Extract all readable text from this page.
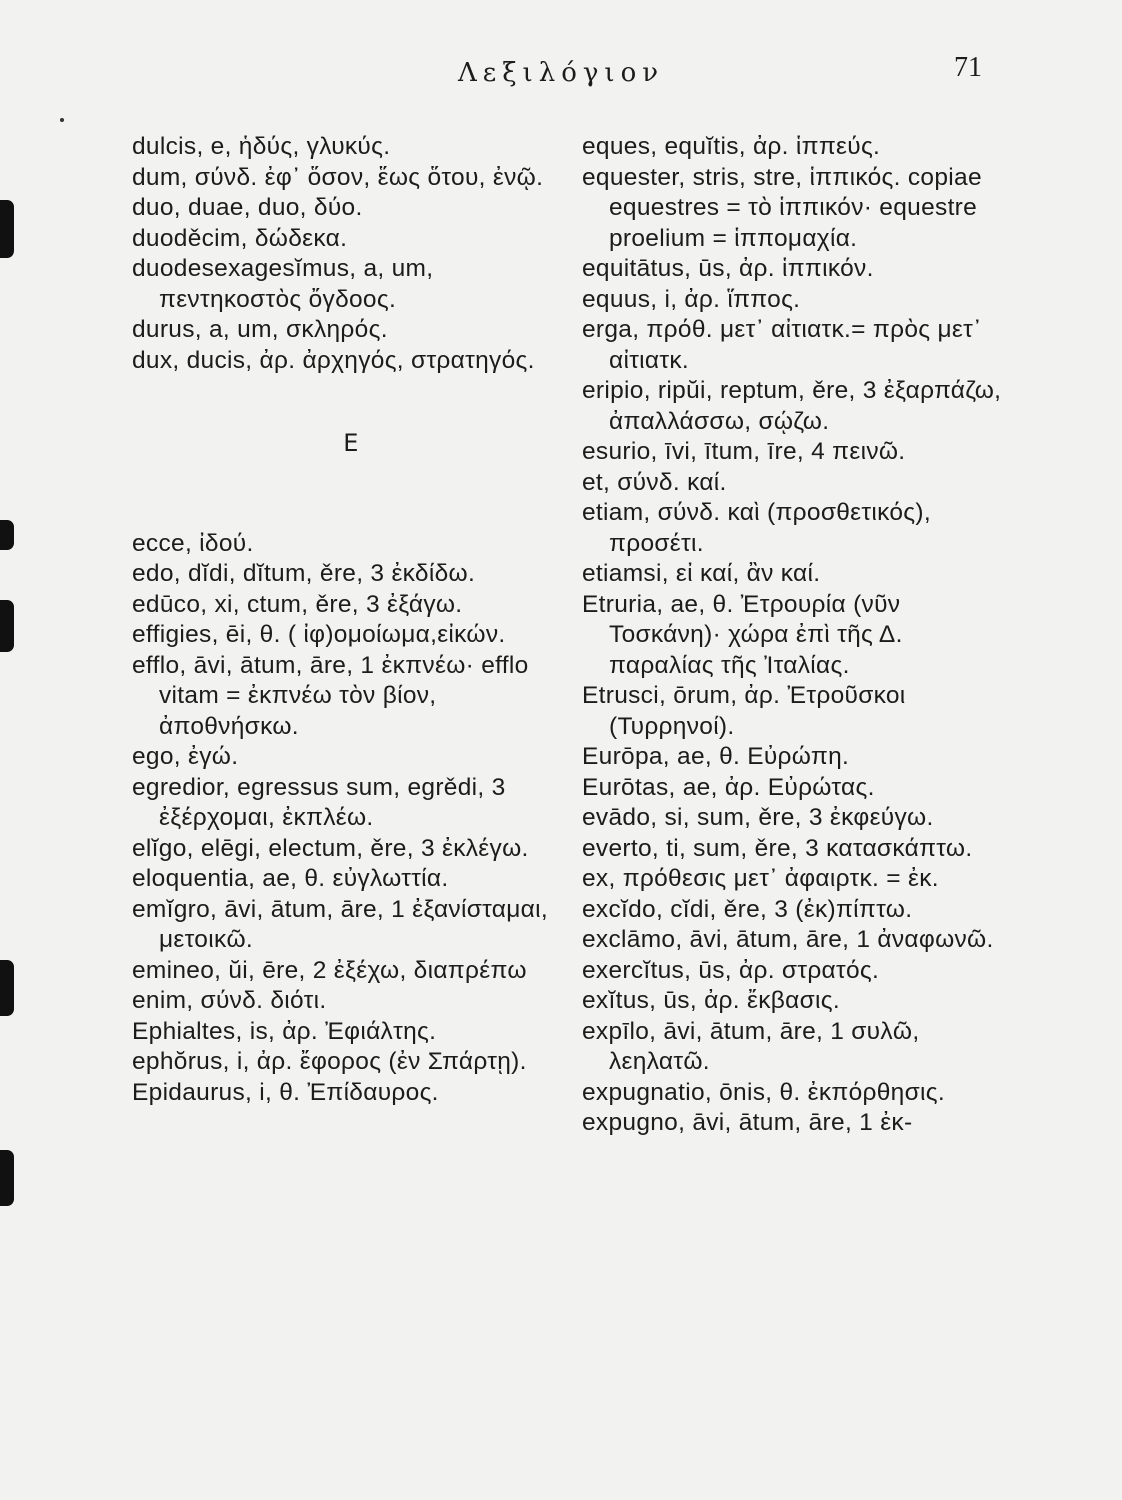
Λεξιλόγιον	71

dulcis, e, ἡδύς, γλυκύς.

dum, σύνδ. ἐφ᾽ ὅσον, ἕως ὅτου, ἐνῷ.

duo, duae, duo, δύο.

duoděcim, δώδεκα.

duodesexagesĭmus, a, um, πεντηκοστὸς ὄγδοος.

durus, a, um, σκληρός.

dux, ducis, ἀρ. ἀρχηγός, στρατηγός.

E

ecce, ἰδού.

edo, dĭdi, dĭtum, ěre, 3 ἐκδίδω.

edūco, xi, ctum, ěre, 3 ἐξάγω.

effigies, ēi, θ. ( ἰφ)ομοίωμα,εἰκών.

efflo, āvi, ātum, āre, 1 ἐκπνέω· efflo vitam = ἐκπνέω τὸν βίον, ἀποθνήσκω.

ego, ἐγώ.

egredior, egressus sum, egrědi, 3 ἐξέρχομαι, ἐκπλέω.

elĭgo, elēgi, electum, ěre, 3 ἐκλέγω.

eloquentia, ae, θ. εὐγλωττία.

emĭgro, āvi, ātum, āre, 1 ἐξανίσταμαι, μετοικῶ.

emineo, ŭi, ēre, 2 ἐξέχω, διαπρέπω

enim, σύνδ. διότι.

Ephialtes, is, ἀρ. Ἐφιάλτης.

ephŏrus, i, ἀρ. ἔφορος (ἐν Σπάρτῃ).

Epidaurus, i, θ. Ἐπίδαυρος.

eques, equĭtis, ἀρ. ἱππεύς.

equester, stris, stre, ἱππικός. copiae equestres = τὸ ἱππικόν· equestre proelium = ἱππομαχία.

equitātus, ūs, ἀρ. ἱππικόν.

equus, i, ἀρ. ἵππος.

erga, πρόθ. μετ᾽ αἰτιατκ.= πρὸς μετ᾽ αἰτιατκ.

eripio, ripŭi, reptum, ěre, 3 ἐξαρπάζω, ἀπαλλάσσω, σῴζω.

esurio, īvi, ītum, īre, 4 πεινῶ.

et, σύνδ. καί.

etiam, σύνδ. καὶ (προσθετικός), προσέτι.

etiamsi, εἰ καί, ἂν καί.

Etruria, ae, θ. Ἐτρουρία (νῦν Τοσκάνη)· χώρα ἐπὶ τῆς Δ. παραλίας τῆς Ἰταλίας.

Etrusci, ōrum, ἀρ. Ἐτροῦσκοι (Τυρρηνοί).

Eurōpa, ae, θ. Εὐρώπη.

Eurōtas, ae, ἀρ. Εὐρώτας.

evādo, si, sum, ěre, 3 ἐκφεύγω.

everto, ti, sum, ěre, 3 κατασκάπτω.

ex, πρόθεσις μετ᾽ ἀφαιρτκ. = ἐκ.

excĭdo, cĭdi, ěre, 3 (ἐκ)πίπτω.

exclāmo, āvi, ātum, āre, 1 ἀναφωνῶ.

exercĭtus, ūs, ἀρ. στρατός.

exĭtus, ūs, ἀρ. ἔκβασις.

expīlo, āvi, ātum, āre, 1 συλῶ, λεηλατῶ.

expugnatio, ōnis, θ. ἐκπόρθησις.

expugno, āvi, ātum, āre, 1 ἐκ-
